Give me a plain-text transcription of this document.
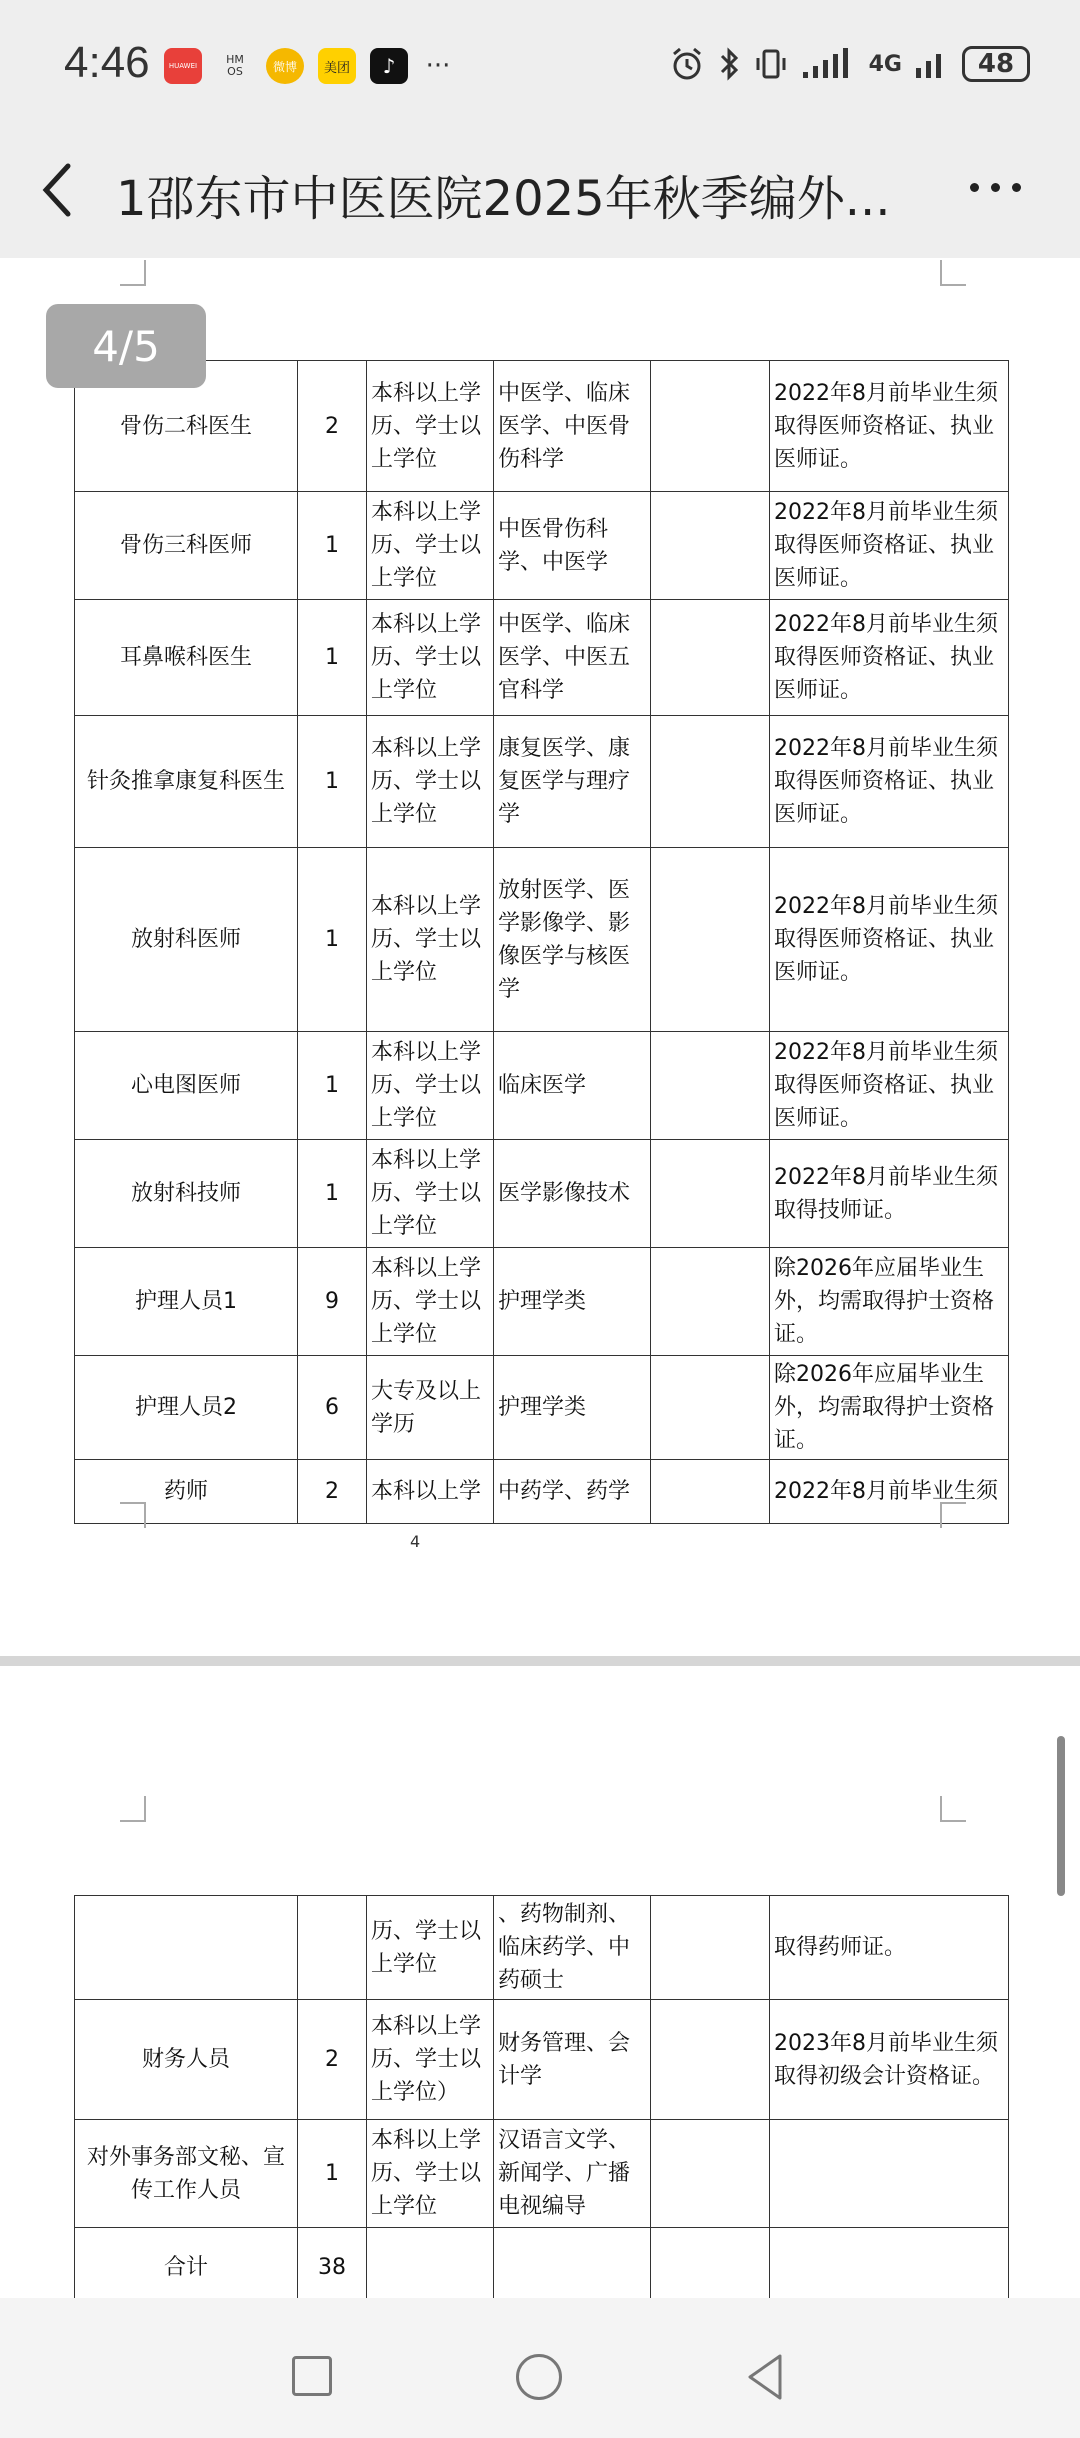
4:46	HUAWEI	HM OS	微博 美团 ♪ ···	4G	48
1邵东市中医医院2025年秋季编外...
骨伤二科医生	2	本科以上学历、学士以上学位	中医学、临床医学、中医骨伤科学		2022年8月前毕业生须取得医师资格证、执业医师证。
骨伤三科医师	1	本科以上学历、学士以上学位	中医骨伤科学、中医学		2022年8月前毕业生须取得医师资格证、执业医师证。
耳鼻喉科医生	1	本科以上学历、学士以上学位	中医学、临床医学、中医五官科学		2022年8月前毕业生须取得医师资格证、执业医师证。
针灸推拿康复科医生	1	本科以上学历、学士以上学位	康复医学、康复医学与理疗学		2022年8月前毕业生须取得医师资格证、执业医师证。
放射科医师	1	本科以上学历、学士以上学位	放射医学、医学影像学、影像医学与核医学		2022年8月前毕业生须取得医师资格证、执业医师证。
心电图医师	1	本科以上学历、学士以上学位	临床医学		2022年8月前毕业生须取得医师资格证、执业医师证。
放射科技师	1	本科以上学历、学士以上学位	医学影像技术		2022年8月前毕业生须取得技师证。
护理人员1	9	本科以上学历、学士以上学位	护理学类		除2026年应届毕业生外，均需取得护士资格证。
护理人员2	6	大专及以上学历	护理学类		除2026年应届毕业生外，均需取得护士资格证。
药师	2	本科以上学	中药学、药学		2022年8月前毕业生须
4/5
4
		历、学士以上学位	、药物制剂、临床药学、中药硕士		取得药师证。
财务人员	2	本科以上学历、学士以上学位）	财务管理、会计学		2023年8月前毕业生须取得初级会计资格证。
对外事务部文秘、宣传工作人员	1	本科以上学历、学士以上学位	汉语言文学、新闻学、广播电视编导		
合计	38				
